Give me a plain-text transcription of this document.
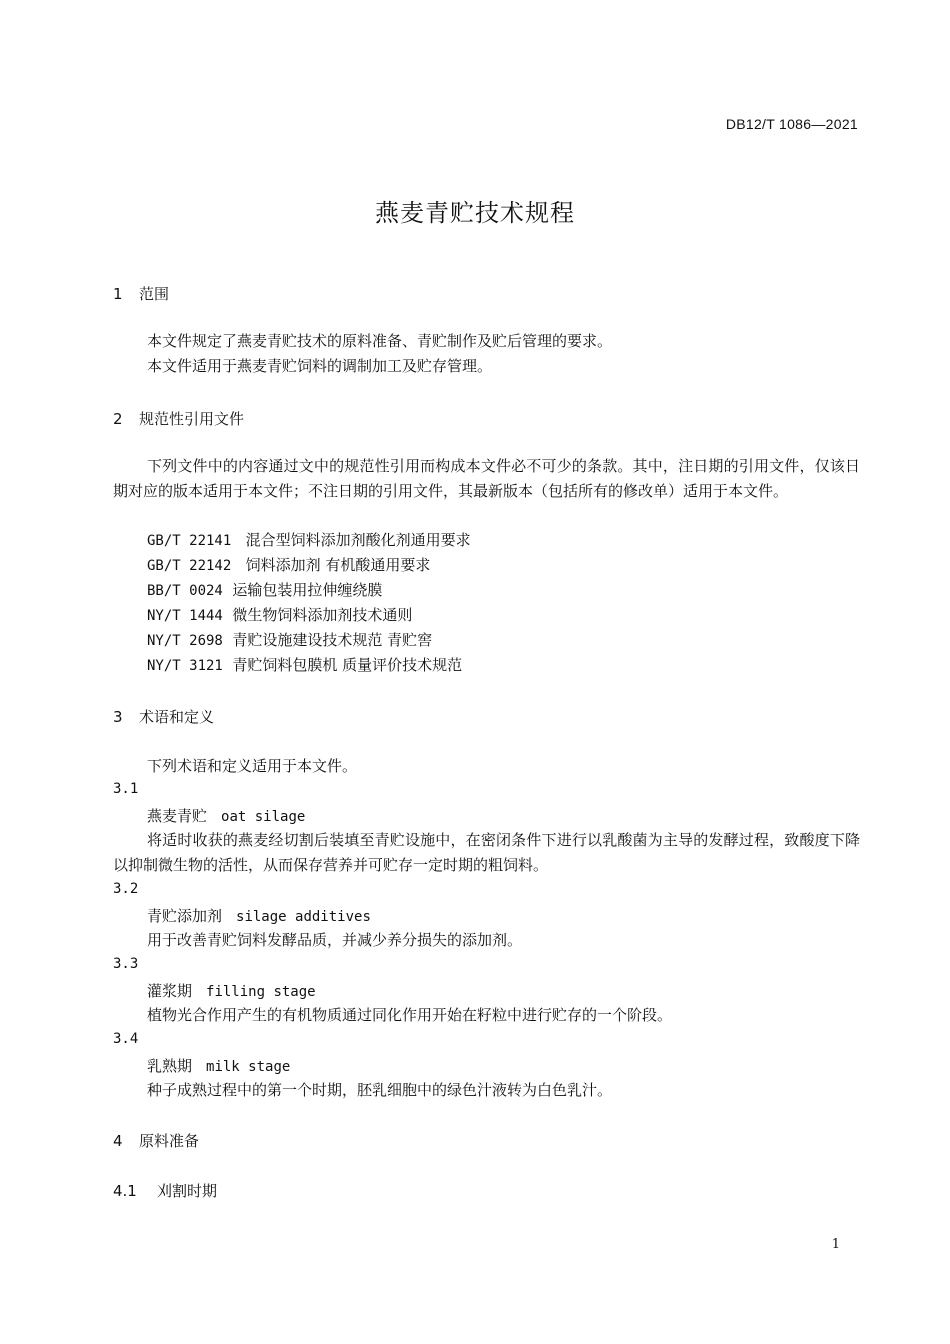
DB12/T 1086—2021
燕麦青贮技术规程
1 范围
本文件规定了燕麦青贮技术的原料准备、青贮制作及贮后管理的要求。
本文件适用于燕麦青贮饲料的调制加工及贮存管理。
2 规范性引用文件
下列文件中的内容通过文中的规范性引用而构成本文件必不可少的条款。其中，注日期的引用文件，仅该日期对应的版本适用于本文件；不注日期的引用文件，其最新版本（包括所有的修改单）适用于本文件。
GB/T 22141 混合型饲料添加剂酸化剂通用要求
GB/T 22142 饲料添加剂 有机酸通用要求
BB/T 0024 运输包装用拉伸缠绕膜
NY/T 1444 微生物饲料添加剂技术通则
NY/T 2698 青贮设施建设技术规范 青贮窖
NY/T 3121 青贮饲料包膜机 质量评价技术规范
3 术语和定义
下列术语和定义适用于本文件。
3.1
燕麦青贮 oat silage
将适时收获的燕麦经切割后装填至青贮设施中，在密闭条件下进行以乳酸菌为主导的发酵过程，致酸度下降以抑制微生物的活性，从而保存营养并可贮存一定时期的粗饲料。
3.2
青贮添加剂 silage additives
用于改善青贮饲料发酵品质，并减少养分损失的添加剂。
3.3
灌浆期 filling stage
植物光合作用产生的有机物质通过同化作用开始在籽粒中进行贮存的一个阶段。
3.4
乳熟期 milk stage
种子成熟过程中的第一个时期，胚乳细胞中的绿色汁液转为白色乳汁。
4 原料准备
4.1 刈割时期
1
